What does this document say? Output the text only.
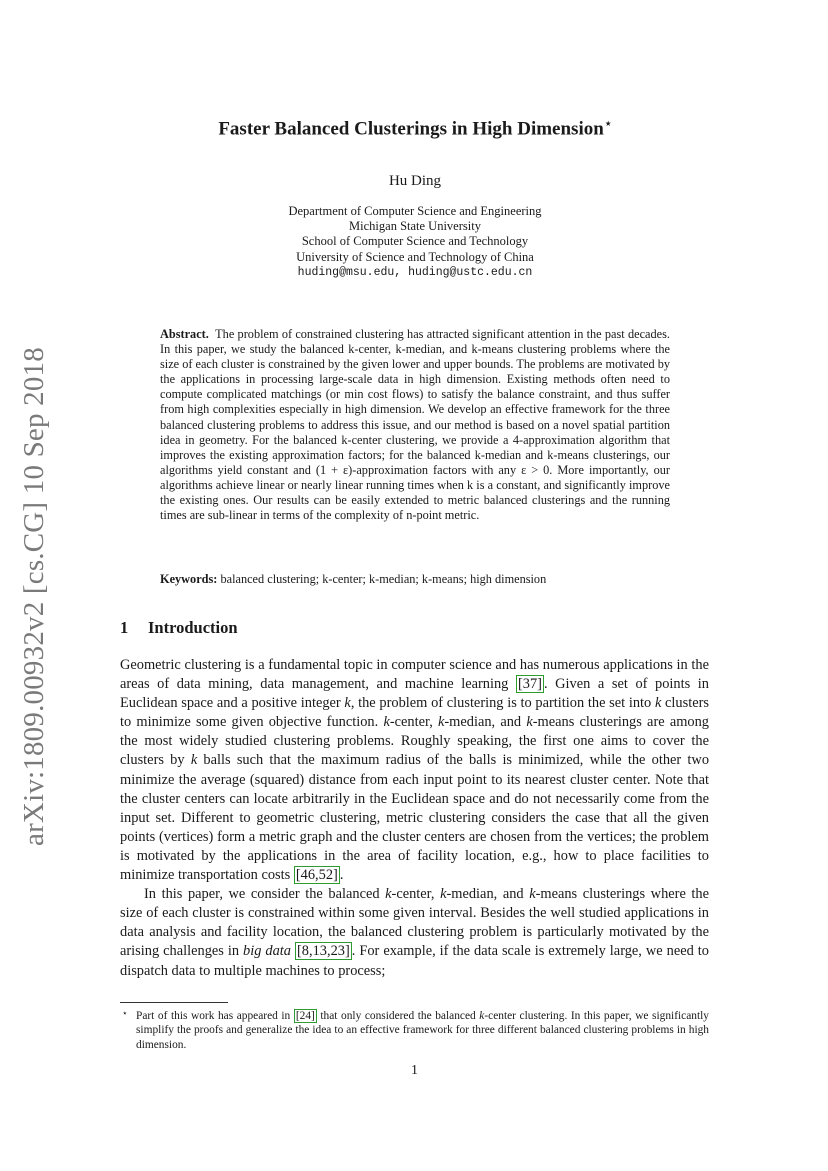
arXiv:1809.00932v2 [cs.CG] 10 Sep 2018
Faster Balanced Clusterings in High Dimension⋆
Hu Ding
Department of Computer Science and Engineering
Michigan State University
School of Computer Science and Technology
University of Science and Technology of China
huding@msu.edu, huding@ustc.edu.cn
Abstract. The problem of constrained clustering has attracted significant attention in the past decades. In this paper, we study the balanced k-center, k-median, and k-means clustering problems where the size of each cluster is constrained by the given lower and upper bounds. The problems are motivated by the applications in processing large-scale data in high dimension. Existing methods often need to compute complicated matchings (or min cost flows) to satisfy the balance constraint, and thus suffer from high complexities especially in high dimension. We develop an effective framework for the three balanced clustering problems to address this issue, and our method is based on a novel spatial partition idea in geometry. For the balanced k-center clustering, we provide a 4-approximation algorithm that improves the existing approximation factors; for the balanced k-median and k-means clusterings, our algorithms yield constant and (1 + ε)-approximation factors with any ε > 0. More importantly, our algorithms achieve linear or nearly linear running times when k is a constant, and significantly improve the existing ones. Our results can be easily extended to metric balanced clusterings and the running times are sub-linear in terms of the complexity of n-point metric.
Keywords: balanced clustering; k-center; k-median; k-means; high dimension
1 Introduction

Geometric clustering is a fundamental topic in computer science and has numerous applications in the areas of data mining, data management, and machine learning [37] . Given a set of points in Euclidean space and a positive integer k, the problem of clustering is to partition the set into k clusters to minimize some given objective function. k-center, k-median, and k-means clusterings are among the most widely studied clustering problems. Roughly speaking, the first one aims to cover the clusters by k balls such that the maximum radius of the balls is minimized, while the other two minimize the average (squared) distance from each input point to its nearest cluster center. Note that the cluster centers can locate arbitrarily in the Euclidean space and do not necessarily come from the input set. Different to geometric clustering, metric clustering considers the case that all the given points (vertices) form a metric graph and the cluster centers are chosen from the vertices; the problem is motivated by the applications in the area of facility location, e.g., how to place facilities to minimize transportation costs [46,52] .

In this paper, we consider the balanced k-center, k-median, and k-means clusterings where the size of each cluster is constrained within some given interval. Besides the well studied applications in data analysis and facility location, the balanced clustering problem is particularly motivated by the arising challenges in big data [8,13,23] . For example, if the data scale is extremely large, we need to dispatch data to multiple machines to process;

⋆ Part of this work has appeared in [24] that only considered the balanced k-center clustering. In this paper, we significantly simplify the proofs and generalize the idea to an effective framework for three different balanced clustering problems in high dimension.
1
